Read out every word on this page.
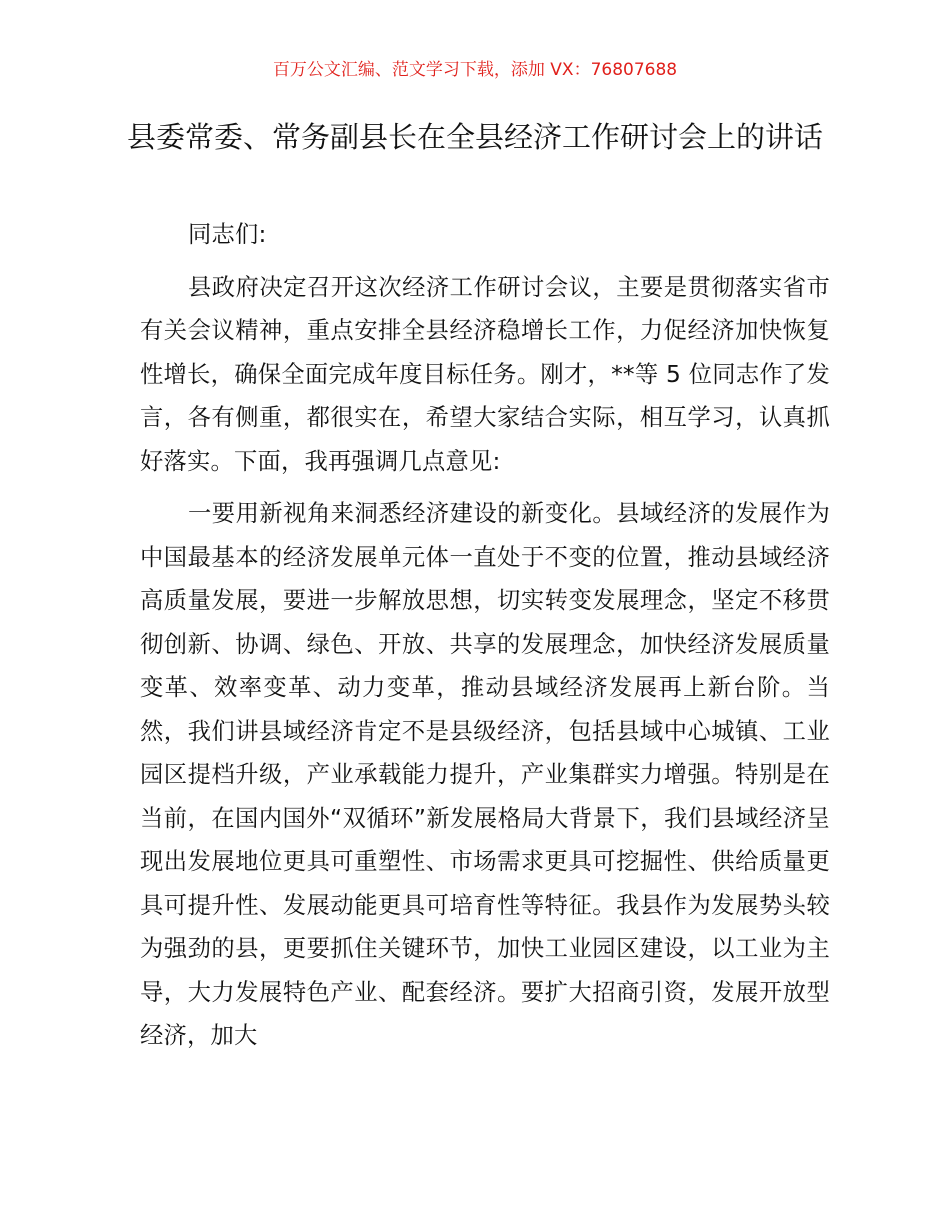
百万公文汇编、范文学习下载，添加 VX：76807688
县委常委、常务副县长在全县经济工作研讨会上的讲话

同志们:

县政府决定召开这次经济工作研讨会议，主要是贯彻落实省市有关会议精神，重点安排全县经济稳增长工作，力促经济加快恢复性增长，确保全面完成年度目标任务。刚才，**等 5 位同志作了发言，各有侧重，都很实在，希望大家结合实际，相互学习，认真抓好落实。下面，我再强调几点意见:

一要用新视角来洞悉经济建设的新变化。县域经济的发展作为中国最基本的经济发展单元体一直处于不变的位置，推动县域经济高质量发展，要进一步解放思想，切实转变发展理念，坚定不移贯彻创新、协调、绿色、开放、共享的发展理念，加快经济发展质量变革、效率变革、动力变革，推动县域经济发展再上新台阶。当然，我们讲县域经济肯定不是县级经济，包括县域中心城镇、工业园区提档升级，产业承载能力提升，产业集群实力增强。特别是在当前，在国内国外“双循环”新发展格局大背景下，我们县域经济呈现出发展地位更具可重塑性、市场需求更具可挖掘性、供给质量更具可提升性、发展动能更具可培育性等特征。我县作为发展势头较为强劲的县，更要抓住关键环节，加快工业园区建设，以工业为主导，大力发展特色产业、配套经济。要扩大招商引资，发展开放型经济，加大
